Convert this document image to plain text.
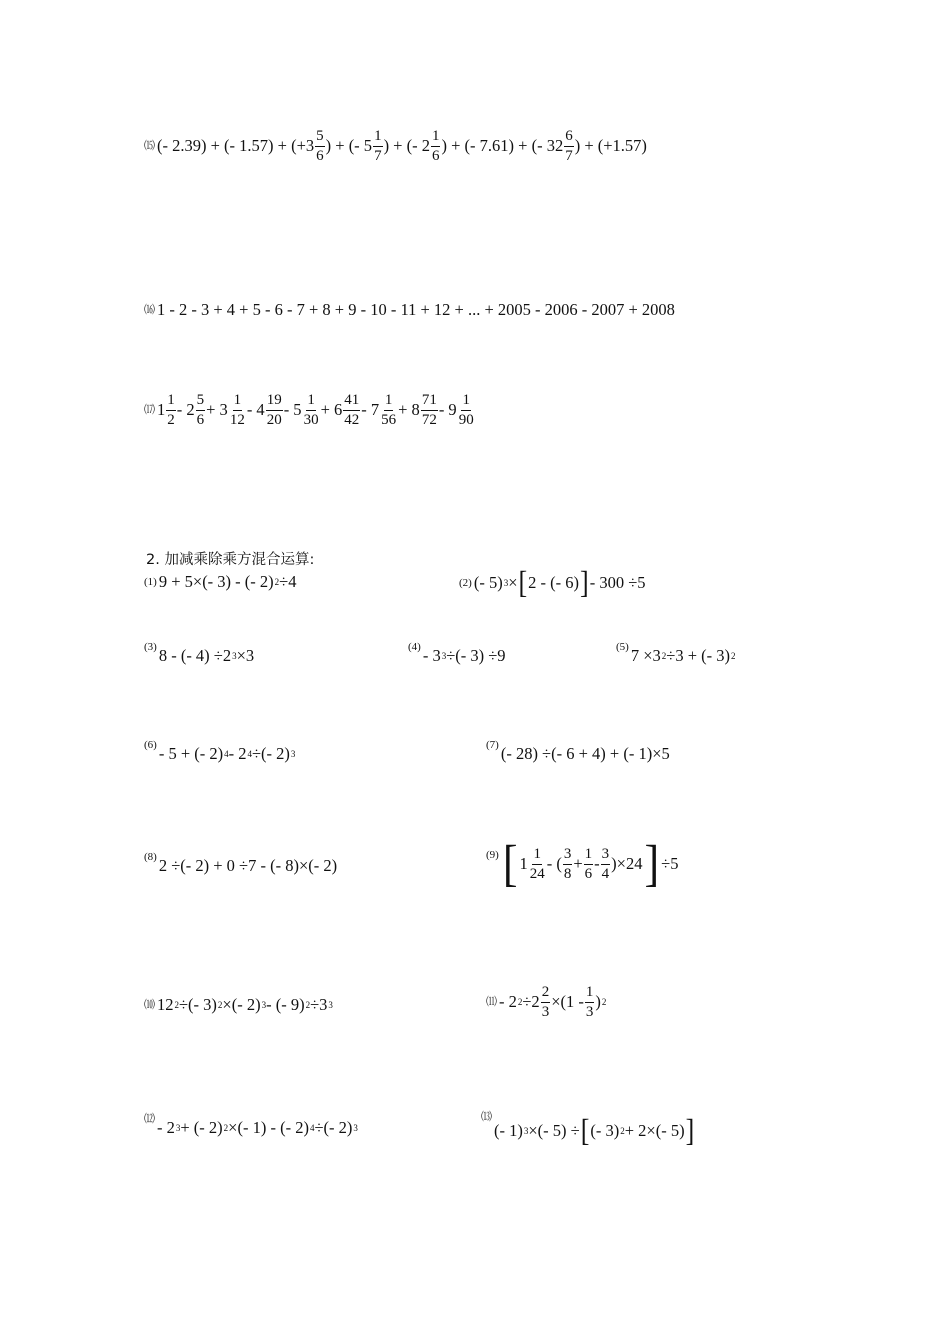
⒂ (- 2.39) + (- $1.57) + (+3 \frac{5}{6}$ ) + (- $5 \frac{1}{7}$ ) + (- $2 \frac{1}{6}$ ) + (- 7.61) + (- $32 \frac{6}{7}$ ) + (+1.57)
⒃ 1 - 2 - 3 + 4 + 5 - 6 - 7 + 8 + 9 - 10 - 11 + 12 + ... + 2005 - 2006 - 2007 + 2008
⒄ $1 \frac{1}{2} - 2 \frac{5}{6} + 3 \frac{1}{12} - 4 \frac{19}{20} - 5 \frac{1}{30} + 6 \frac{41}{42} - 7 \frac{1}{56} + 8 \frac{71}{72} - 9 \frac{1}{90}$
2. 加减乘除乘方混合运算:
(1) 9 + 5×(- 3) - (- 2) 2 ÷4	(2) (- 5) 3 × [ 2 - (- 6) ] - 300 ÷5
(3) 8 - (- 4) ÷2 3 ×3	(4) - 3 3 ÷(- 3) ÷9	(5) 7 ×3 2 ÷3 + (- 3) 2
(6) - 5 + (- 2) 4 - 2 4 ÷(- 2) 3
(7) (- 28) ÷(- 6 + 4) + (- 1)×5
(8) 2 ÷(- 2) + 0 ÷7 - (- 8)×(- 2)
(9) [ $1 \frac{1}{24}$ - ( $\frac{3}{8} + \frac{1}{6} - \frac{3}{4} )\times 24$ ] ÷5
⑽ 12 2 ÷(- 3) 2 ×(- 2) 3 - (- 9) 2 ÷3 3	⑾ - 2 $2 \div 2 \frac{2}{3} \times(1 - \frac{1}{3}$ ) 2
⑿ - 2 3 + (- 2) 2 ×(- 1) - (- 2) 4 ÷(- 2) 3
⒀
(- 1) 3 ×(- 5) ÷ [ (- 3) 2 + 2×(- 5) ]
